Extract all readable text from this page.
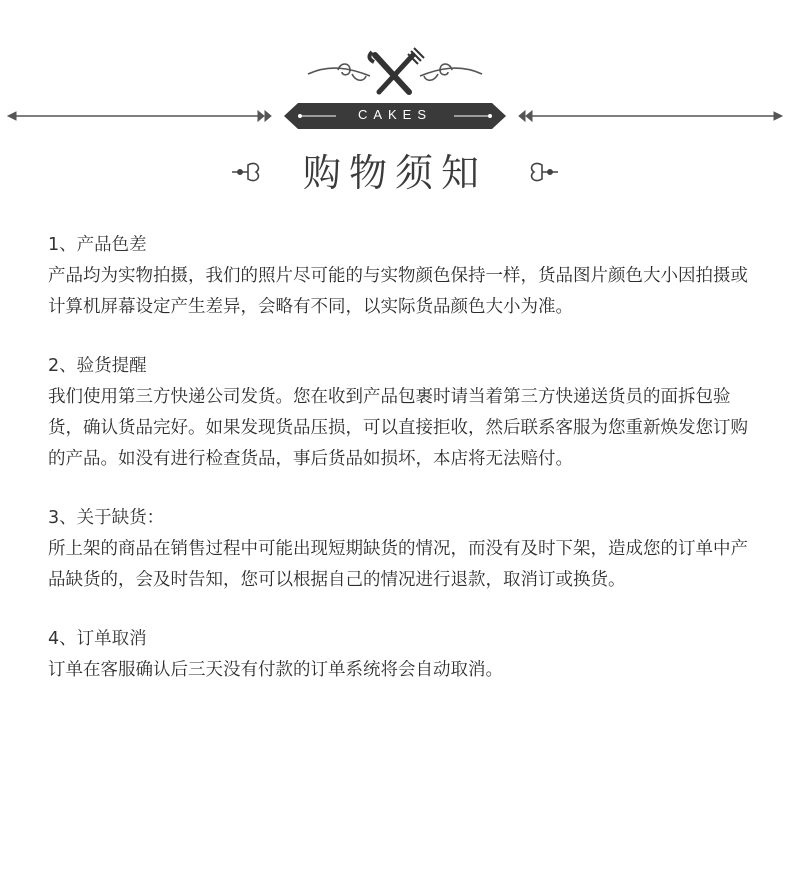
CAKES
购物须知

1、产品色差

产品均为实物拍摄，我们的照片尽可能的与实物颜色保持一样，货品图片颜色大小因拍摄或计算机屏幕设定产生差异，会略有不同，以实际货品颜色大小为准。

2、验货提醒

我们使用第三方快递公司发货。您在收到产品包裹时请当着第三方快递送货员的面拆包验货，确认货品完好。如果发现货品压损，可以直接拒收，然后联系客服为您重新焕发您订购的产品。如没有进行检查货品，事后货品如损坏，本店将无法赔付。

3、关于缺货：

所上架的商品在销售过程中可能出现短期缺货的情况，而没有及时下架，造成您的订单中产品缺货的，会及时告知，您可以根据自己的情况进行退款，取消订或换货。

4、订单取消

订单在客服确认后三天没有付款的订单系统将会自动取消。
